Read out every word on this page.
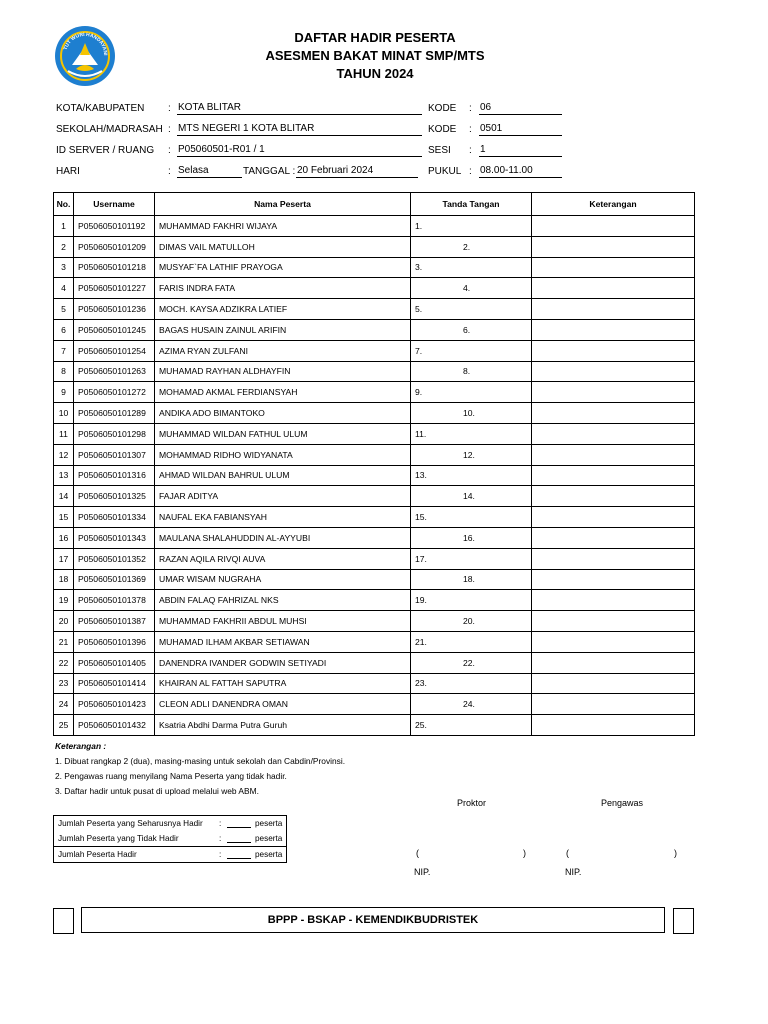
TUT WURI HANDAYANI
DAFTAR HADIR PESERTA
ASESMEN BAKAT MINAT SMP/MTS
TAHUN 2024
KOTA/KABUPATEN : KOTA BLITAR	KODE : 06
SEKOLAH/MADRASAH : MTS NEGERI 1 KOTA BLITAR	KODE : 0501
ID SERVER / RUANG : P05060501-R01 / 1	SESI : 1
HARI	: Selasa	TANGGAL : 20 Februari 2024	PUKUL : 08.00-11.00
No.	Username	Nama Peserta	Tanda Tangan	Keterangan
1	P0506050101192	MUHAMMAD FAKHRI WIJAYA	1.	
2	P0506050101209	DIMAS VAIL MATULLOH	2.	

3	P0506050101218	MUSYAF`FA LATHIF PRAYOGA	3.	
4	P0506050101227	FARIS INDRA FATA	4.	

5	P0506050101236	MOCH. KAYSA ADZIKRA LATIEF	5.	
6	P0506050101245	BAGAS HUSAIN ZAINUL ARIFIN	6.	

7	P0506050101254	AZIMA RYAN ZULFANI	7.	
8	P0506050101263	MUHAMAD RAYHAN ALDHAYFIN	8.	

9	P0506050101272	MOHAMAD AKMAL FERDIANSYAH	9.	
10	P0506050101289	ANDIKA ADO BIMANTOKO	10.	

11	P0506050101298	MUHAMMAD WILDAN FATHUL ULUM	11.	
12	P0506050101307	MOHAMMAD RIDHO WIDYANATA	12.	

13	P0506050101316	AHMAD WILDAN BAHRUL ULUM	13.	
14	P0506050101325	FAJAR ADITYA	14.	

15	P0506050101334	NAUFAL EKA FABIANSYAH	15.	
16	P0506050101343	MAULANA SHALAHUDDIN AL-AYYUBI	16.	

17	P0506050101352	RAZAN AQILA RIVQI AUVA	17.	
18	P0506050101369	UMAR WISAM NUGRAHA	18.	

19	P0506050101378	ABDIN FALAQ FAHRIZAL NKS	19.	
20	P0506050101387	MUHAMMAD FAKHRII ABDUL MUHSI	20.	

21	P0506050101396	MUHAMAD ILHAM AKBAR SETIAWAN	21.	
22	P0506050101405	DANENDRA IVANDER GODWIN SETIYADI	22.	

23	P0506050101414	KHAIRAN AL FATTAH SAPUTRA	23.	
24	P0506050101423	CLEON ADLI DANENDRA OMAN	24.	

25	P0506050101432	Ksatria Abdhi Darma Putra Guruh	25.	
Keterangan :
1. Dibuat rangkap 2 (dua), masing-masing untuk sekolah dan Cabdin/Provinsi.
2. Pengawas ruang menyilang Nama Peserta yang tidak hadir.
3. Daftar hadir untuk pusat di upload melalui web ABM.
Proktor	Pengawas
Jumlah Peserta yang Seharusnya Hadir :	peserta
Jumlah Peserta yang Tidak Hadir	:	peserta
Jumlah Peserta Hadir	:	peserta	(	)	(	)
NIP.	NIP.
BPPP - BSKAP - KEMENDIKBUDRISTEK
